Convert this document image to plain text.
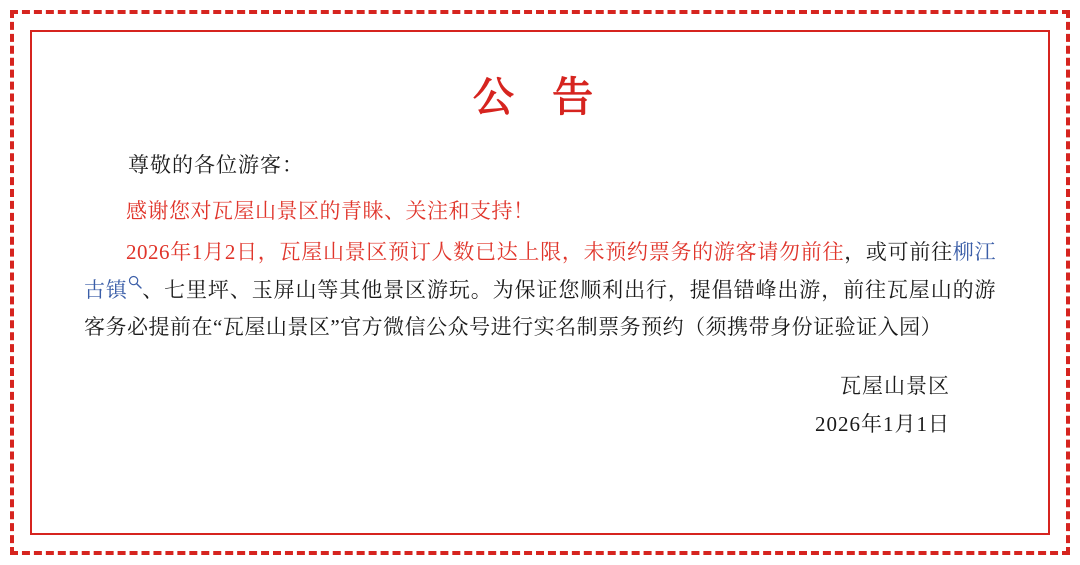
公 告
尊敬的各位游客：

感谢您对瓦屋山景区的青睐、关注和支持！

2026年1月2日，瓦屋山景区预订人数已达上限，未预约票务的游客请勿前往，或可前往柳江古镇 、七里坪、玉屏山等其他景区游玩。为保证您顺利出行，提倡错峰出游，前往瓦屋山的游客务必提前在“瓦屋山景区”官方微信公众号进行实名制票务预约（须携带身份证验证入园）

瓦屋山景区
2026年1月1日
